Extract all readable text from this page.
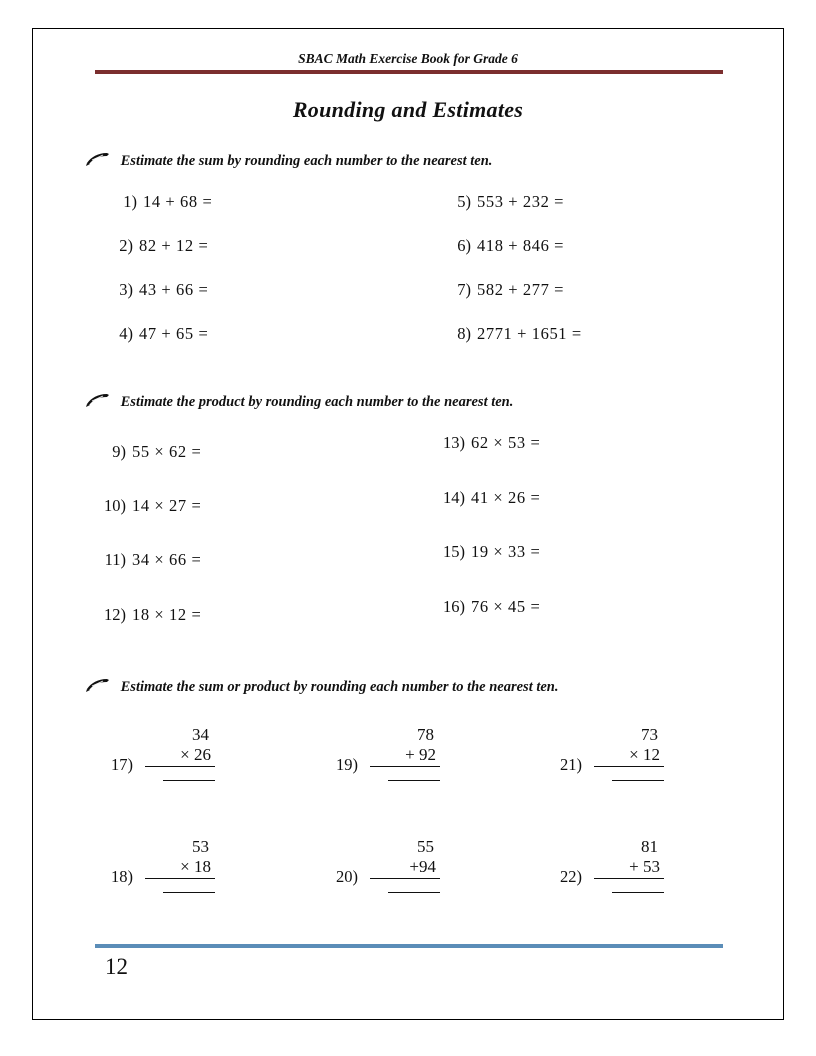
SBAC Math Exercise Book for Grade 6
Rounding and Estimates
Estimate the sum by rounding each number to the nearest ten.
1) 14 + 68 =
2) 82 + 12 =
3) 43 + 66 =
4) 47 + 65 =
5) 553 + 232 =
6) 418 + 846 =
7) 582 + 277 =
8) 2771 + 1651 =
Estimate the product by rounding each number to the nearest ten.
9) 55 × 62 =
10) 14 × 27 =
11) 34 × 66 =
12) 18 × 12 =
13) 62 × 53 =
14) 41 × 26 =
15) 19 × 33 =
16) 76 × 45 =
Estimate the sum or product by rounding each number to the nearest ten.
17)
34
× 26
18)
53
× 18
19)
78
+ 92
20)
55
+94
21)
73
× 12
22)
81
+ 53
12
